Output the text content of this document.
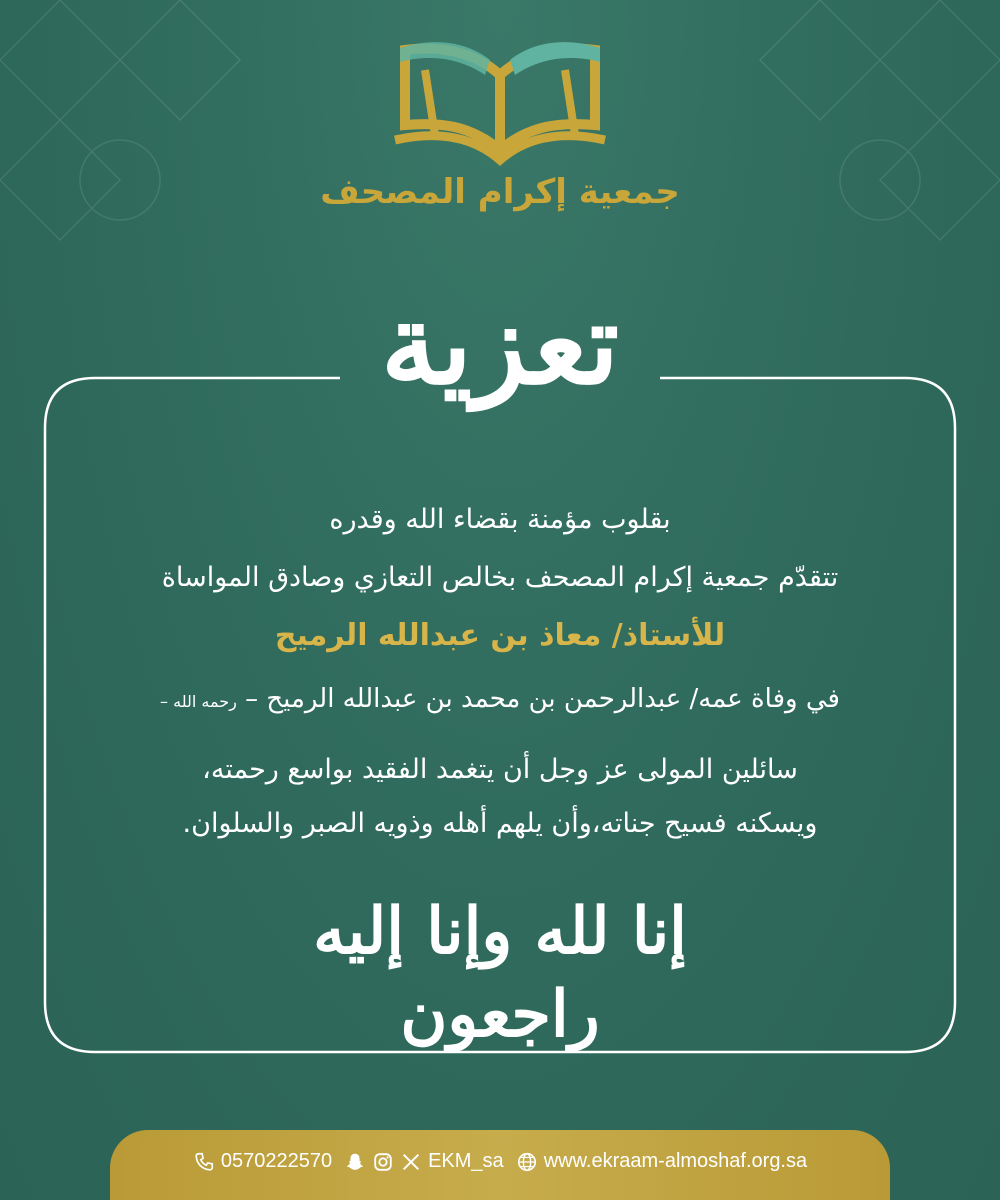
جمعية إكرام المصحف
تعزية
بقلوب مؤمنة بقضاء الله وقدره
تتقدّم جمعية إكرام المصحف بخالص التعازي وصادق المواساة
للأستاذ/ معاذ بن عبدالله الرميح
في وفاة عمه/ عبدالرحمن بن محمد بن عبدالله الرميح – رحمه الله –
سائلين المولى عز وجل أن يتغمد الفقيد بواسع رحمته،
ويسكنه فسيح جناته،وأن يلهم أهله وذويه الصبر والسلوان.
إنا لله وإنا إليه راجعون
0570222570	EKM_sa www.ekraam-almoshaf.org.sa
